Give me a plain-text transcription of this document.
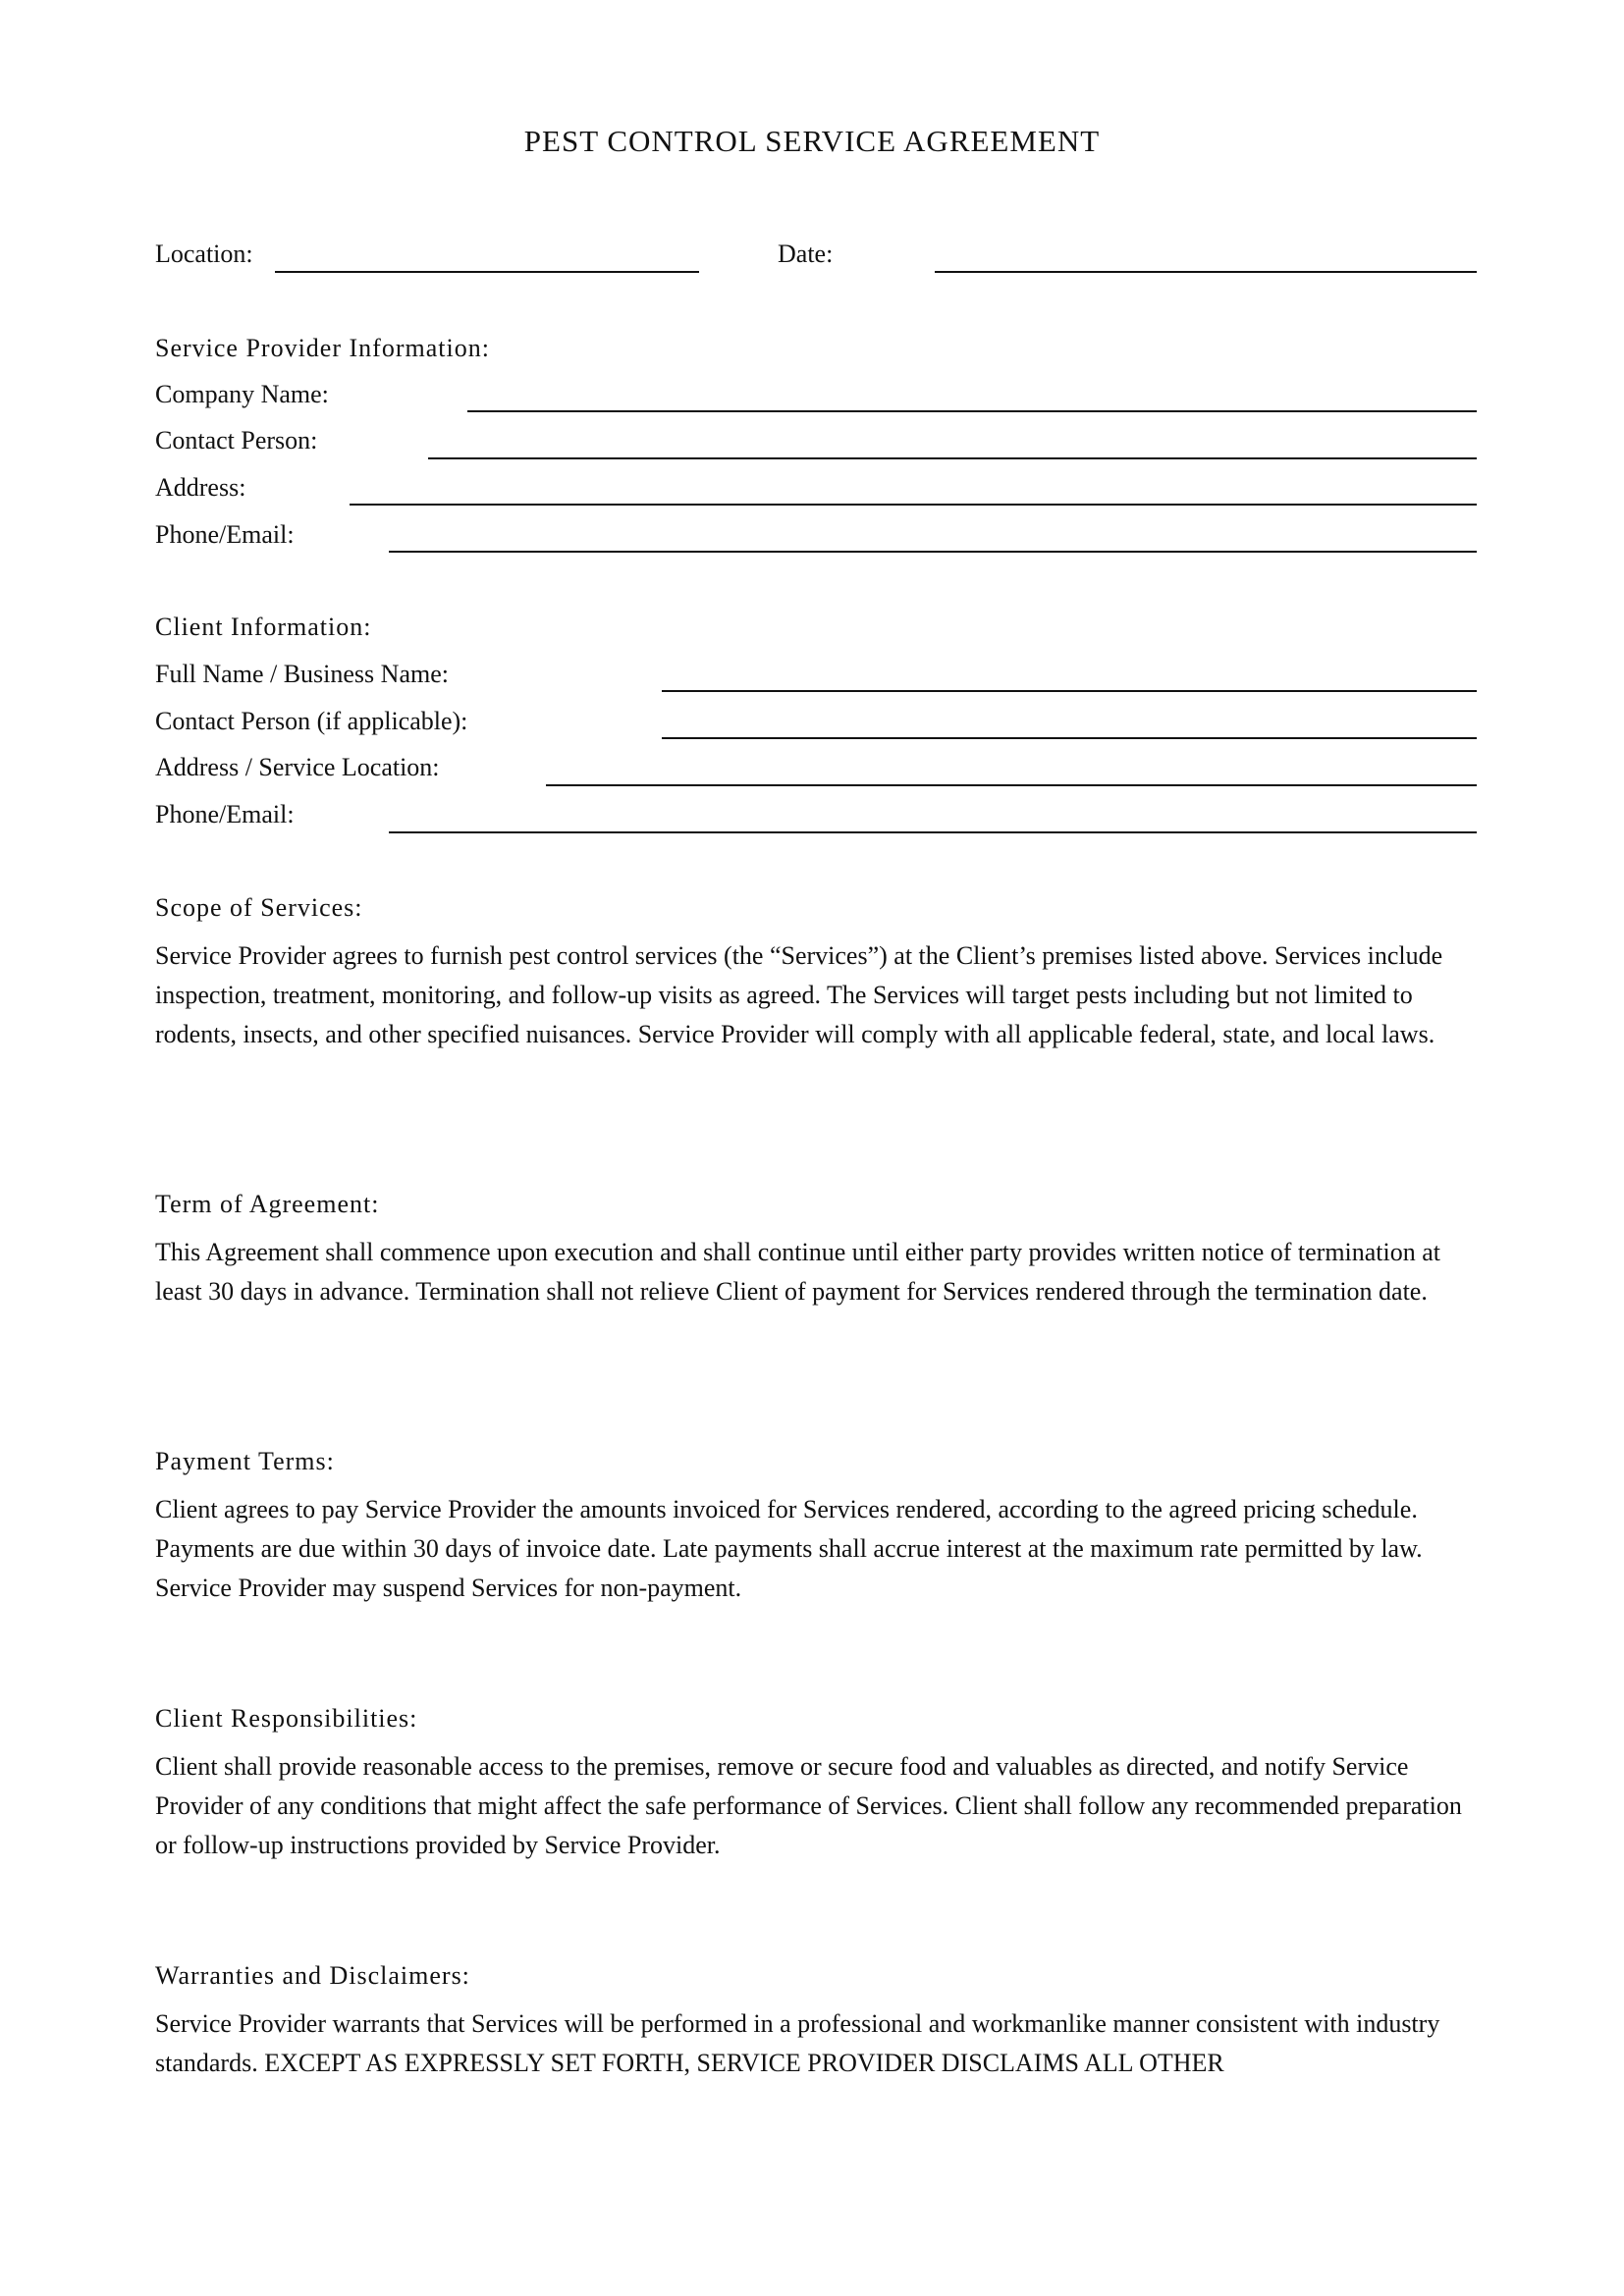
PEST CONTROL SERVICE AGREEMENT
Location:	Date:
Service Provider Information:
Company Name:
Contact Person:
Address:
Phone/Email:
Client Information:
Full Name / Business Name:
Contact Person (if applicable):
Address / Service Location:
Phone/Email:
Scope of Services:

Service Provider agrees to furnish pest control services (the “Services”) at the Client’s premises listed above. Services include inspection, treatment, monitoring, and follow-up visits as agreed. The Services will target pests including but not limited to rodents, insects, and other specified nuisances. Service Provider will comply with all applicable federal, state, and local laws.

Term of Agreement:

This Agreement shall commence upon execution and shall continue until either party provides written notice of termination at least 30 days in advance. Termination shall not relieve Client of payment for Services rendered through the termination date.

Payment Terms:

Client agrees to pay Service Provider the amounts invoiced for Services rendered, according to the agreed pricing schedule. Payments are due within 30 days of invoice date. Late payments shall accrue interest at the maximum rate permitted by law. Service Provider may suspend Services for non-payment.

Client Responsibilities:

Client shall provide reasonable access to the premises, remove or secure food and valuables as directed, and notify Service Provider of any conditions that might affect the safe performance of Services. Client shall follow any recommended preparation or follow-up instructions provided by Service Provider.

Warranties and Disclaimers:

Service Provider warrants that Services will be performed in a professional and workmanlike manner consistent with industry standards. EXCEPT AS EXPRESSLY SET FORTH, SERVICE PROVIDER DISCLAIMS ALL OTHER
